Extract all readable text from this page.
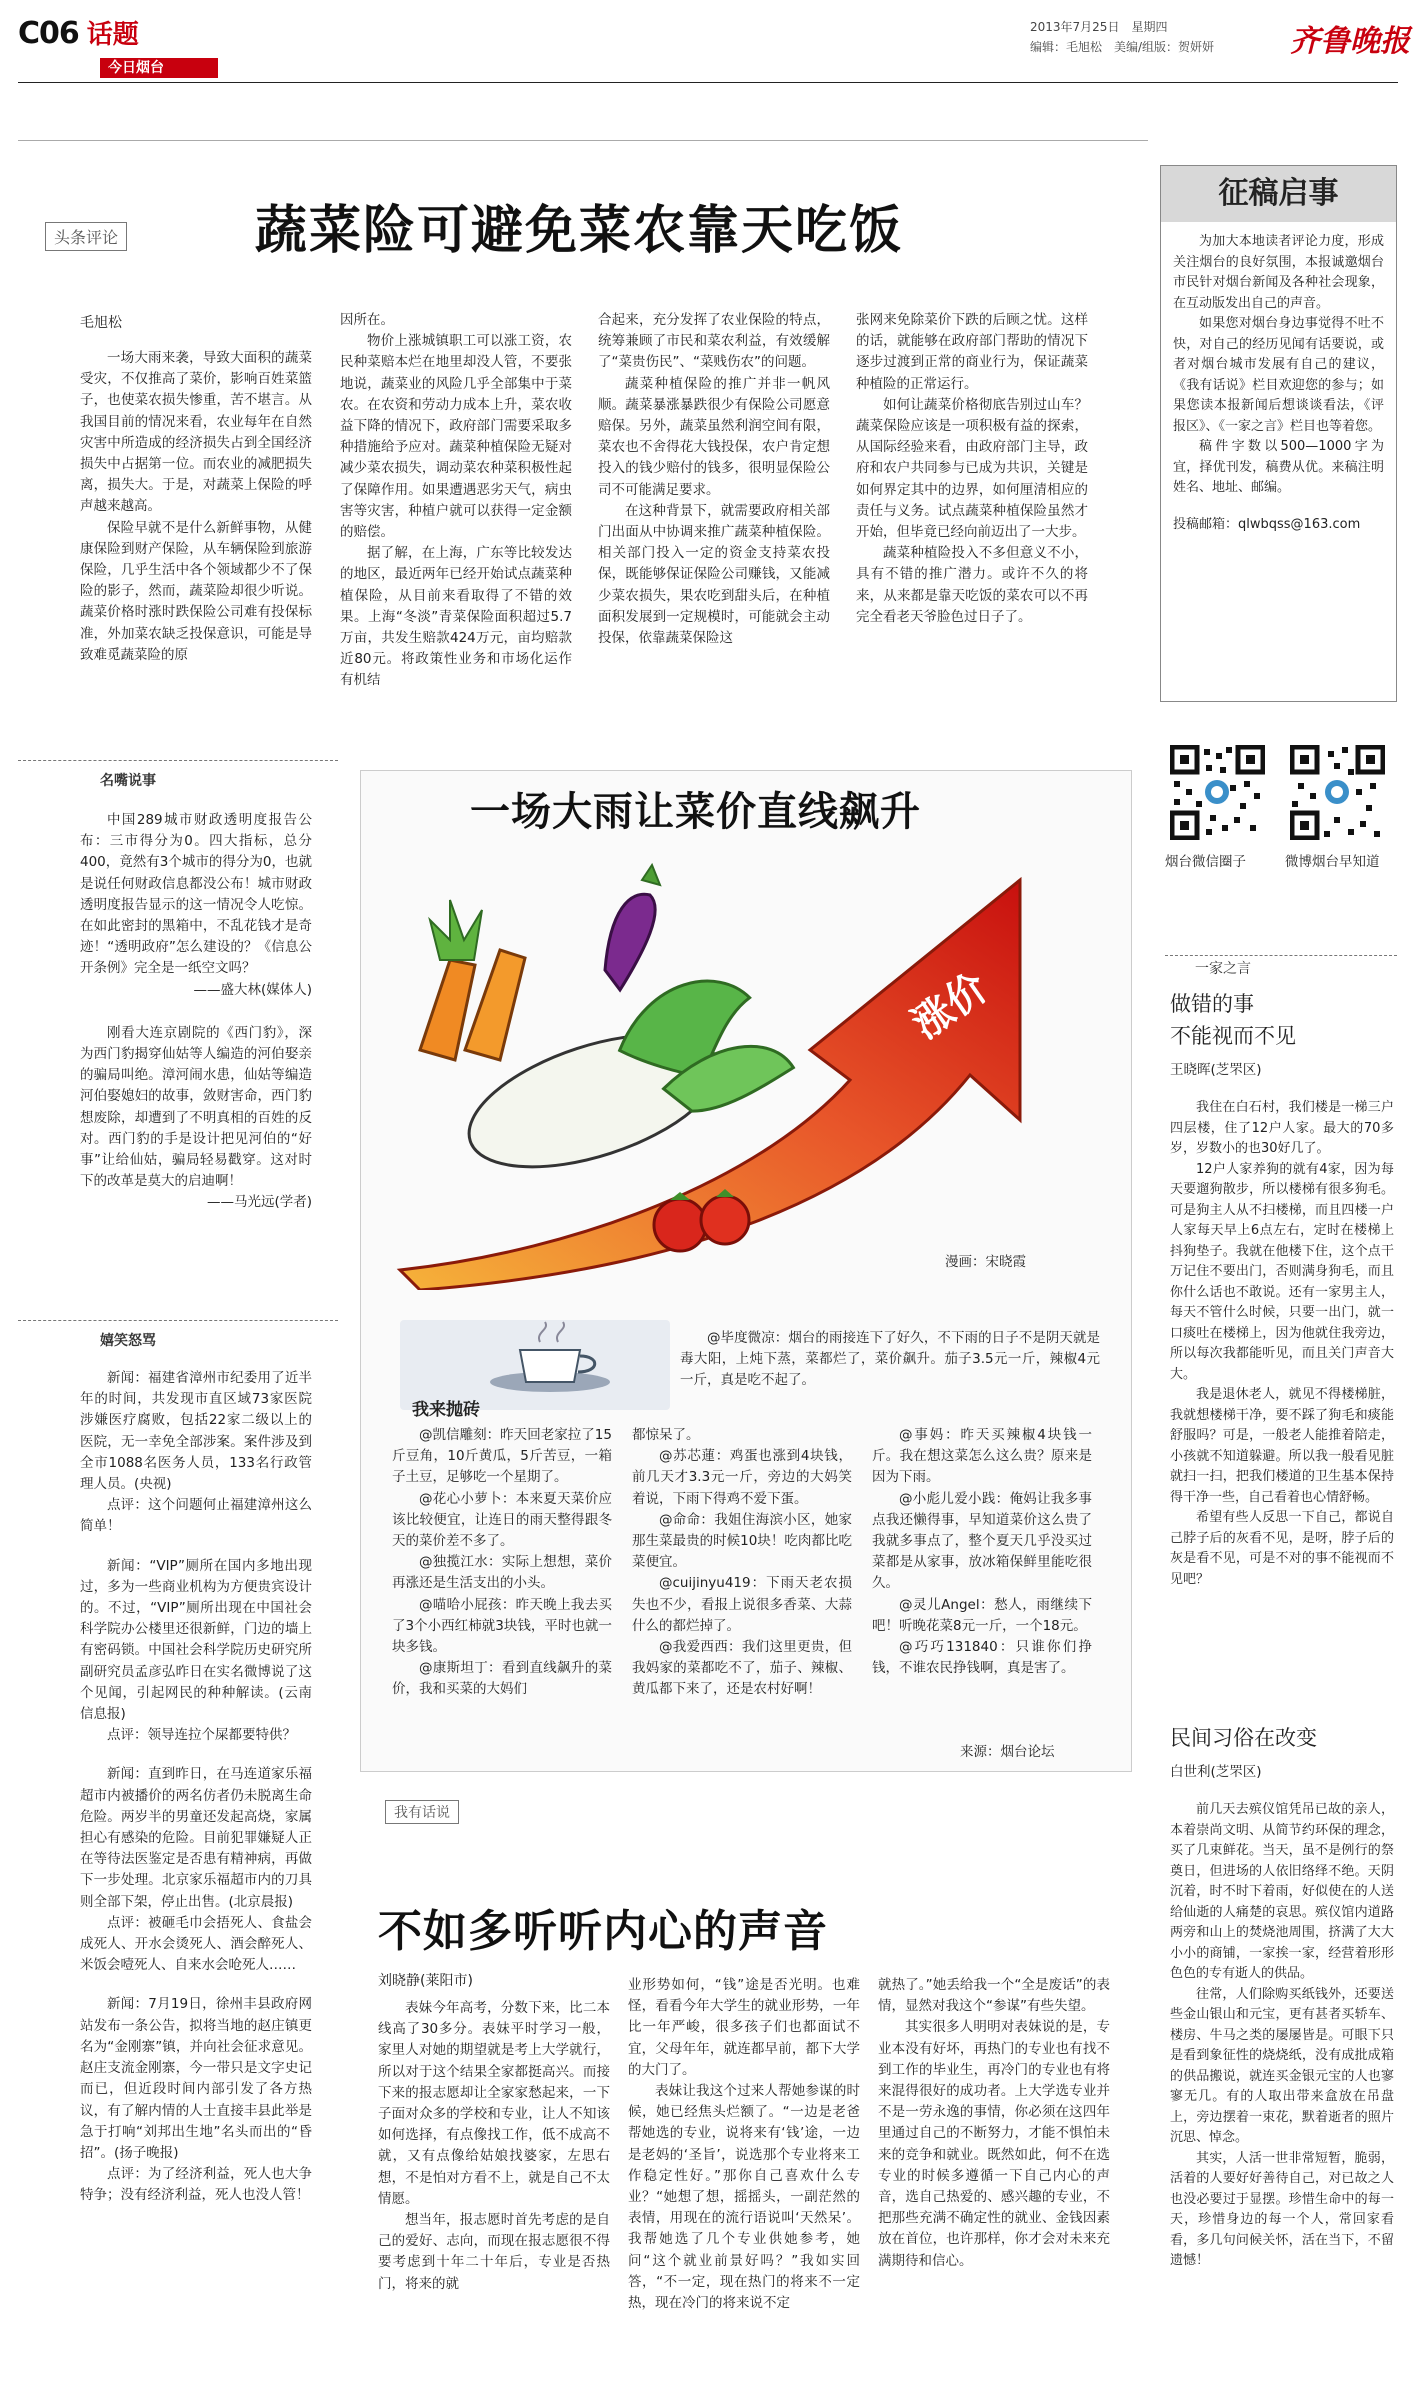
C06 话题
今日烟台
2013年7月25日　星期四
编辑：毛旭松　美编/组版：贺妍妍	齐鲁晚报
头条评论	蔬菜险可避免菜农靠天吃饭
毛旭松

一场大雨来袭，导致大面积的蔬菜受灾，不仅推高了菜价，影响百姓菜篮子，也使菜农损失惨重，苦不堪言。从我国目前的情况来看，农业每年在自然灾害中所造成的经济损失占到全国经济损失中占据第一位。而农业的减肥损失离，损失大。于是，对蔬菜上保险的呼声越来越高。

保险早就不是什么新鲜事物，从健康保险到财产保险，从车辆保险到旅游保险，几乎生活中各个领域都少不了保险的影子，然而，蔬菜险却很少听说。蔬菜价格时涨时跌保险公司难有投保标准，外加菜农缺乏投保意识，可能是导致难觅蔬菜险的原

因所在。

物价上涨城镇职工可以涨工资，农民种菜赔本烂在地里却没人管，不要张地说，蔬菜业的风险几乎全部集中于菜农。在农资和劳动力成本上升，菜农收益下降的情况下，政府部门需要采取多种措施给予应对。蔬菜种植保险无疑对减少菜农损失，调动菜农种菜积极性起了保障作用。如果遭遇恶劣天气，病虫害等灾害，种植户就可以获得一定金额的赔偿。

据了解，在上海，广东等比较发达的地区，最近两年已经开始试点蔬菜种植保险，从目前来看取得了不错的效果。上海“冬淡”青菜保险面积超过5.7万亩，共发生赔款424万元，亩均赔款近80元。将政策性业务和市场化运作有机结

合起来，充分发挥了农业保险的特点，统筹兼顾了市民和菜农利益，有效缓解了“菜贵伤民”、“菜贱伤农”的问题。

蔬菜种植保险的推广并非一帆风顺。蔬菜暴涨暴跌很少有保险公司愿意赔保。另外，蔬菜虽然利润空间有限，菜农也不舍得花大钱投保，农户肯定想投入的钱少赔付的钱多，很明显保险公司不可能满足要求。

在这种背景下，就需要政府相关部门出面从中协调来推广蔬菜种植保险。相关部门投入一定的资金支持菜农投保，既能够保证保险公司赚钱，又能减少菜农损失，果农吃到甜头后，在种植面积发展到一定规模时，可能就会主动投保，依靠蔬菜保险这

张网来免除菜价下跌的后顾之忧。这样的话，就能够在政府部门帮助的情况下逐步过渡到正常的商业行为，保证蔬菜种植险的正常运行。

如何让蔬菜价格彻底告别过山车？蔬菜保险应该是一项积极有益的探索，从国际经验来看，由政府部门主导，政府和农户共同参与已成为共识，关键是如何界定其中的边界，如何厘清相应的责任与义务。试点蔬菜种植保险虽然才开始，但毕竟已经向前迈出了一大步。

蔬菜种植险投入不多但意义不小，具有不错的推广潜力。或许不久的将来，从来都是靠天吃饭的菜农可以不再完全看老天爷脸色过日子了。

征稿启事

为加大本地读者评论力度，形成关注烟台的良好氛围，本报诚邀烟台市民针对烟台新闻及各种社会现象，在互动版发出自己的声音。

如果您对烟台身边事觉得不吐不快，对自己的经历见闻有话要说，或者对烟台城市发展有自己的建议，《我有话说》栏目欢迎您的参与；如果您读本报新闻后想谈谈看法，《评报区》、《一家之言》栏目也等着您。

稿件字数以500—1000字为宜，择优刊发，稿费从优。来稿注明姓名、地址、邮编。

投稿邮箱：qlwbqss@163.com

烟台微信圈子	微博烟台早知道
名嘴说事

中国289城市财政透明度报告公布：三市得分为0。四大指标，总分400，竟然有3个城市的得分为0，也就是说任何财政信息都没公布！城市财政透明度报告显示的这一情况令人吃惊。在如此密封的黑箱中，不乱花钱才是奇迹！“透明政府”怎么建设的？《信息公开条例》完全是一纸空文吗？

——盛大林(媒体人)

刚看大连京剧院的《西门豹》，深为西门豹揭穿仙姑等人编造的河伯娶亲的骗局叫绝。漳河闹水患，仙姑等编造河伯娶媳妇的故事，敛财害命，西门豹想废除，却遭到了不明真相的百姓的反对。西门豹的手是设计把见河伯的“好事”让给仙姑，骗局轻易戳穿。这对时下的改革是莫大的启迪啊！

——马光远(学者)
嬉笑怒骂

新闻：福建省漳州市纪委用了近半年的时间，共发现市直区域73家医院涉嫌医疗腐败，包括22家二级以上的医院，无一幸免全部涉案。案件涉及到全市1088名医务人员，133名行政管理人员。(央视)

点评：这个问题何止福建漳州这么简单！

新闻：“VIP”厕所在国内多地出现过，多为一些商业机构为方便贵宾设计的。不过，“VIP”厕所出现在中国社会科学院办公楼里还很新鲜，门边的墙上有密码锁。中国社会科学院历史研究所副研究员孟彦弘昨日在实名微博说了这个见闻，引起网民的种种解读。(云南信息报)

点评：领导连拉个屎都要特供？

新闻：直到昨日，在马连道家乐福超市内被播价的两名仿者仍未脱离生命危险。两岁半的男童还发起高烧，家属担心有感染的危险。目前犯罪嫌疑人正在等待法医鉴定是否患有精神病，再做下一步处理。北京家乐福超市内的刀具则全部下架，停止出售。(北京晨报)

点评：被砸毛巾会捂死人、食盐会成死人、开水会烫死人、酒会醉死人、米饭会噎死人、自来水会呛死人……

新闻：7月19日，徐州丰县政府网站发布一条公告，拟将当地的赵庄镇更名为“金刚寨”镇，并向社会征求意见。赵庄支流金刚寨，今一带只是文字史记而已，但近段时间内部引发了各方热议，有了解内情的人士直接丰县此举是急于打响“刘邦出生地”名头而出的“昏招”。(扬子晚报)

点评：为了经济利益，死人也大争特争；没有经济利益，死人也没人管！

一场大雨让菜价直线飙升
涨价
漫画：宋晓霞
我来抛砖

@毕度微凉：烟台的雨接连下了好久，不下雨的日子不是阴天就是毒大阳，上炖下蒸，菜都烂了，菜价飙升。茄子3.5元一斤，辣椒4元一斤，真是吃不起了。

@凯信雕刻：昨天回老家拉了15斤豆角，10斤黄瓜，5斤苦豆，一箱子土豆，足够吃一个星期了。

@花心小萝卜：本来夏天菜价应该比较便宜，让连日的雨天整得跟冬天的菜价差不多了。

@独揽江水：实际上想想，菜价再涨还是生活支出的小头。

@喵哈小屁孩：昨天晚上我去买了3个小西红柿就3块钱，平时也就一块多钱。

@康斯坦丁：看到直线飙升的菜价，我和买菜的大妈们

都惊呆了。

@苏芯蓮：鸡蛋也涨到4块钱，前几天才3.3元一斤，旁边的大妈笑着说，下雨下得鸡不爱下蛋。

@命命：我姐住海滨小区，她家那生菜最贵的时候10块！吃肉都比吃菜便宜。

@cuijinyu419：下雨天老农损失也不少，看报上说很多香菜、大蒜什么的都烂掉了。

@我爱西西：我们这里更贵，但我妈家的菜都吃不了，茄子、辣椒、黄瓜都下来了，还是农村好啊！

@事妈：昨天买辣椒4块钱一斤。我在想这菜怎么这么贵？原来是因为下雨。

@小彪儿爱小践：俺妈让我多事点我还懒得事，早知道菜价这么贵了我就多事点了，整个夏天几乎没买过菜都是从家事，放冰箱保鲜里能吃很久。

@灵儿Angel：愁人，雨继续下吧！听晚花菜8元一斤，一个18元。

@巧巧131840：只谁你们挣钱，不谁农民挣钱啊，真是害了。

来源：烟台论坛
一家之言
做错的事
不能视而不见
王晓晖(芝罘区)

我住在白石村，我们楼是一梯三户四层楼，住了12户人家。最大的70多岁，岁数小的也30好几了。

12户人家养狗的就有4家，因为每天要遛狗散步，所以楼梯有很多狗毛。可是狗主人从不扫楼梯，而且四楼一户人家每天早上6点左右，定时在楼梯上抖狗垫子。我就在他楼下住，这个点干万记住不要出门，否则满身狗毛，而且你什么话也不敢说。还有一家男主人，每天不管什么时候，只要一出门，就一口痰吐在楼梯上，因为他就住我旁边，所以每次我都能听见，而且关门声音大大。

我是退休老人，就见不得楼梯脏，我就想楼梯干净，要不踩了狗毛和痰能舒服吗？可是，一般老人能推着陪走，小孩就不知道躲避。所以我一般看见脏就扫一扫，把我们楼道的卫生基本保持得干净一些，自己看着也心情舒畅。

希望有些人反思一下自己，都说自己脖子后的灰看不见，是呀，脖子后的灰是看不见，可是不对的事不能视而不见吧？

民间习俗在改变
白世利(芝罘区)

前几天去殡仪馆凭吊已故的亲人，本着崇尚文明、从简节约环保的理念，买了几束鲜花。当天，虽不是例行的祭奠日，但进场的人依旧络绎不绝。天阴沉着，时不时下着雨，好似使在的人送给仙逝的人痛楚的哀思。殡仪馆内道路两旁和山上的焚烧池周围，挤满了大大小小的商铺，一家挨一家，经营着形形色色的专有逝人的供品。

往常，人们除购买纸钱外，还要送些金山银山和元宝，更有甚者买轿车、楼房、牛马之类的屡屡皆是。可眼下只是看到象征性的烧烧纸，没有成批成箱的供品搬说，就连买金银元宝的人也寥寥无几。有的人取出带来盒放在吊盘上，旁边摆着一束花，默着逝者的照片沉思、悼念。

其实，人活一世非常短暂，脆弱，活着的人要好好善待自己，对已故之人也没必要过于显摆。珍惜生命中的每一天，珍惜身边的每一个人，常回家看看，多几句问候关怀，活在当下，不留遗憾！

我有话说
不如多听听内心的声音
刘晓静(莱阳市)

表妹今年高考，分数下来，比二本线高了30多分。表妹平时学习一般，家里人对她的期望就是考上大学就行，所以对于这个结果全家都挺高兴。而接下来的报志愿却让全家家愁起来，一下子面对众多的学校和专业，让人不知该如何选择，有点像找工作，低不成高不就，又有点像给姑娘找婆家，左思右想，不是怕对方看不上，就是自己不太情愿。

想当年，报志愿时首先考虑的是自己的爱好、志向，而现在报志愿很不得要考虑到十年二十年后，专业是否热门，将来的就

业形势如何，“钱”途是否光明。也难怪，看看今年大学生的就业形势，一年比一年严峻，很多孩子们也都面试不宜，父母年年，就连都早前，都下大学的大门了。

表妹让我这个过来人帮她参谋的时候，她已经焦头烂额了。“一边是老爸帮她选的专业，说将来有‘钱’途，一边是老妈的‘圣旨’，说选那个专业将来工作稳定性好。”那你自己喜欢什么专业？“她想了想，摇摇头，一副茫然的表情，用现在的流行语说叫‘天然呆’。我帮她选了几个专业供她参考，她问“这个就业前景好吗？”我如实回答，“不一定，现在热门的将来不一定热，现在冷门的将来说不定

就热了。”她丢给我一个“全是废话”的表情，显然对我这个“参谋”有些失望。

其实很多人明明对表妹说的是，专业本没有好坏，再热门的专业也有找不到工作的毕业生，再冷门的专业也有将来混得很好的成功者。上大学选专业并不是一劳永逸的事情，你必须在这四年里通过自己的不断努力，才能不惧怕未来的竞争和就业。既然如此，何不在选专业的时候多遵循一下自己内心的声音，选自己热爱的、感兴趣的专业，不把那些充满不确定性的就业、金钱因素放在首位，也许那样，你才会对未来充满期待和信心。
